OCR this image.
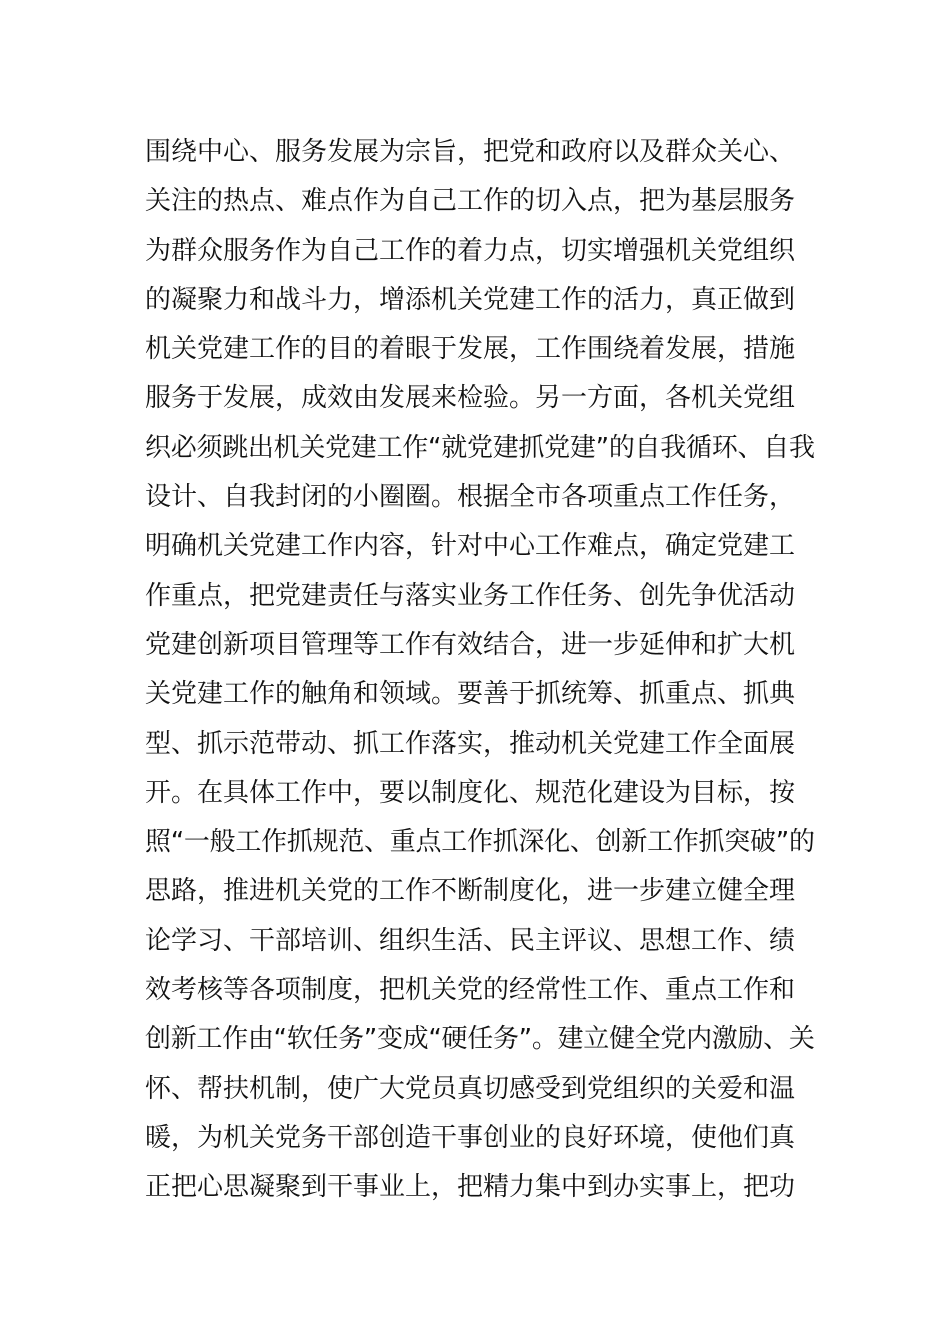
围绕中心、服务发展为宗旨，把党和政府以及群众关心、
关注的热点、难点作为自己工作的切入点，把为基层服务
为群众服务作为自己工作的着力点，切实增强机关党组织
的凝聚力和战斗力，增添机关党建工作的活力，真正做到
机关党建工作的目的着眼于发展，工作围绕着发展，措施
服务于发展，成效由发展来检验。另一方面，各机关党组
织必须跳出机关党建工作“就党建抓党建”的自我循环、自我
设计、自我封闭的小圈圈。根据全市各项重点工作任务，
明确机关党建工作内容，针对中心工作难点，确定党建工
作重点，把党建责任与落实业务工作任务、创先争优活动
党建创新项目管理等工作有效结合，进一步延伸和扩大机
关党建工作的触角和领域。要善于抓统筹、抓重点、抓典
型、抓示范带动、抓工作落实，推动机关党建工作全面展
开。在具体工作中，要以制度化、规范化建设为目标，按
照“一般工作抓规范、重点工作抓深化、创新工作抓突破”的
思路，推进机关党的工作不断制度化，进一步建立健全理
论学习、干部培训、组织生活、民主评议、思想工作、绩
效考核等各项制度，把机关党的经常性工作、重点工作和
创新工作由“软任务”变成“硬任务”。建立健全党内激励、关
怀、帮扶机制，使广大党员真切感受到党组织的关爱和温
暖，为机关党务干部创造干事创业的良好环境，使他们真
正把心思凝聚到干事业上，把精力集中到办实事上，把功
